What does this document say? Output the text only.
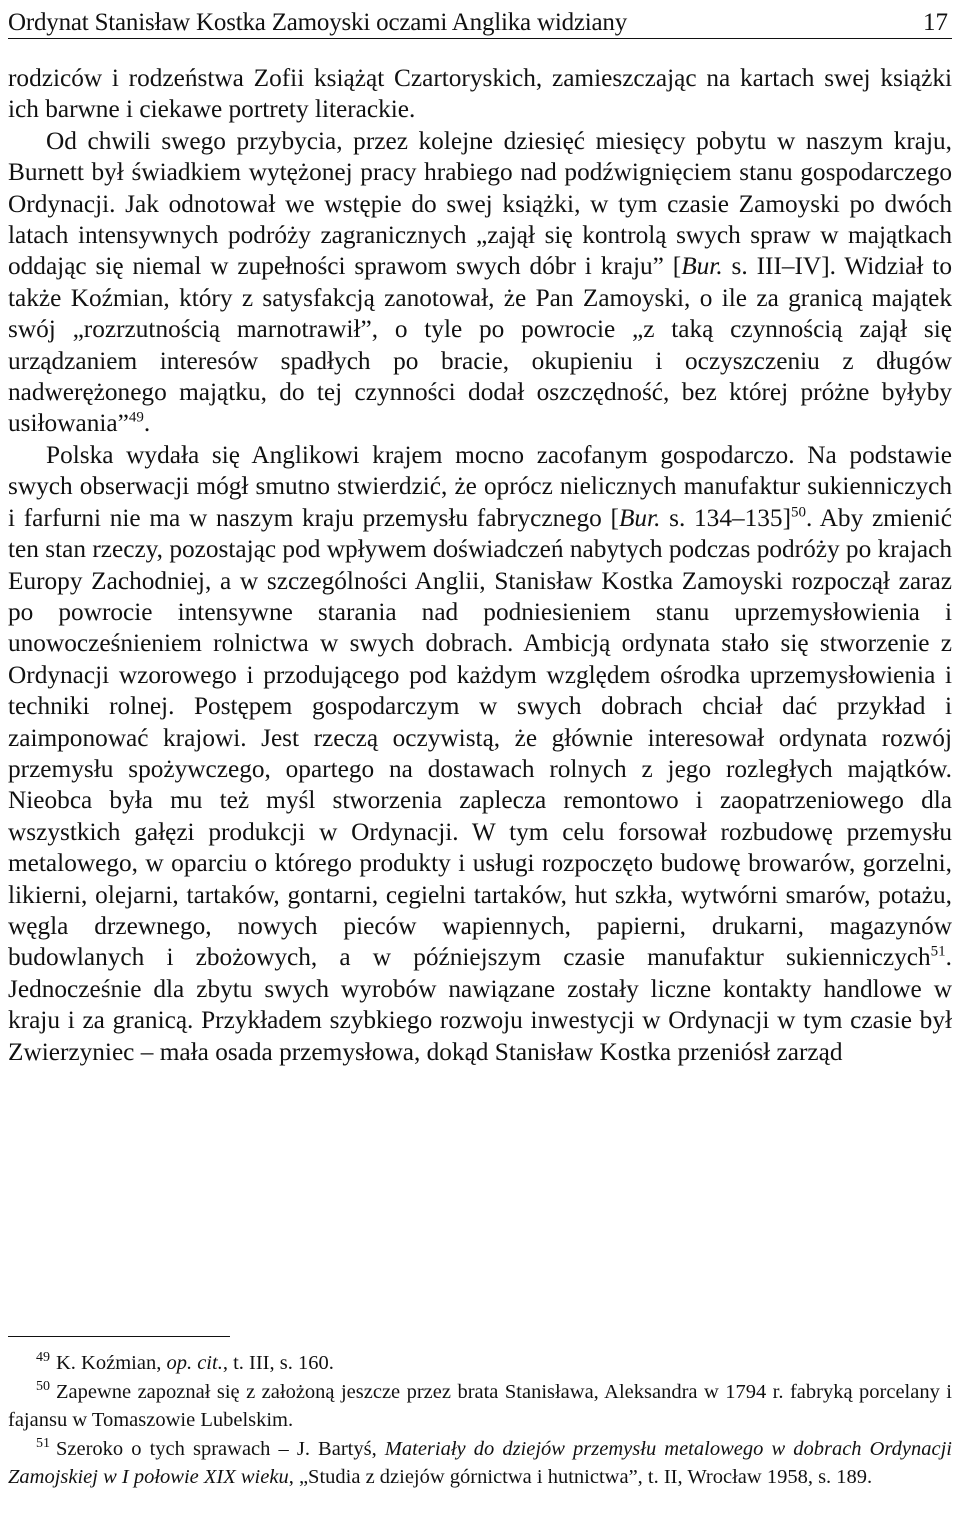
Ordynat Stanisław Kostka Zamoyski oczami Anglika widziany	17

rodziców i rodzeństwa Zofii książąt Czartoryskich, zamieszczając na kartach swej książki ich barwne i ciekawe portrety literackie.

Od chwili swego przybycia, przez kolejne dziesięć miesięcy pobytu w naszym kraju, Burnett był świadkiem wytężonej pracy hrabiego nad podźwignięciem stanu gospodarczego Ordynacji. Jak odnotował we wstępie do swej książki, w tym czasie Zamoyski po dwóch latach intensywnych podróży zagranicznych „zajął się kontrolą swych spraw w majątkach oddając się niemal w zupełności sprawom swych dóbr i kraju” [Bur. s. III–IV]. Widział to także Koźmian, który z satysfakcją zanotował, że Pan Zamoyski, o ile za granicą majątek swój „rozrzutnością marnotrawił”, o tyle po powrocie „z taką czynnością zajął się urządzaniem interesów spadłych po bracie, okupieniu i oczyszczeniu z długów nadwerężonego majątku, do tej czynności dodał oszczędność, bez której próżne byłyby usiłowania”$^{49}$.

Polska wydała się Anglikowi krajem mocno zacofanym gospodarczo. Na podstawie swych obserwacji mógł smutno stwierdzić, że oprócz nielicznych manufaktur sukienniczych i farfurni nie ma w naszym kraju przemysłu fabrycznego [Bur. s. 134–135]$^{50}$. Aby zmienić ten stan rzeczy, pozostając pod wpływem doświadczeń nabytych podczas podróży po krajach Europy Zachodniej, a w szczególności Anglii, Stanisław Kostka Zamoyski rozpoczął zaraz po powrocie intensywne starania nad podniesieniem stanu uprzemysłowienia i unowocześnieniem rolnictwa w swych dobrach. Ambicją ordynata stało się stworzenie z Ordynacji wzorowego i przodującego pod każdym względem ośrodka uprzemysłowienia i techniki rolnej. Postępem gospodarczym w swych dobrach chciał dać przykład i zaimponować krajowi. Jest rzeczą oczywistą, że głównie interesował ordynata rozwój przemysłu spożywczego, opartego na dostawach rolnych z jego rozległych majątków. Nieobca była mu też myśl stworzenia zaplecza remontowo i zaopatrzeniowego dla wszystkich gałęzi produkcji w Ordynacji. W tym celu forsował rozbudowę przemysłu metalowego, w oparciu o którego produkty i usługi rozpoczęto budowę browarów, gorzelni, likierni, olejarni, tartaków, gontarni, cegielni tartaków, hut szkła, wytwórni smarów, potażu, węgla drzewnego, nowych pieców wapiennych, papierni, drukarni, magazynów budowlanych i zbożowych, a w późniejszym czasie manufaktur sukienniczych$^{51}$. Jednocześnie dla zbytu swych wyrobów nawiązane zostały liczne kontakty handlowe w kraju i za granicą. Przykładem szybkiego rozwoju inwestycji w Ordynacji w tym czasie był Zwierzyniec – mała osada przemysłowa, dokąd Stanisław Kostka przeniósł zarząd

$^{49}$ K. Koźmian, op. cit., t. III, s. 160.

$^{50}$ Zapewne zapoznał się z założoną jeszcze przez brata Stanisława, Aleksandra w 1794 r. fabryką porcelany i fajansu w Tomaszowie Lubelskim.

$^{51}$ Szeroko o tych sprawach – J. Bartyś, Materiały do dziejów przemysłu metalowego w dobrach Ordynacji Zamojskiej w I połowie XIX wieku, „Studia z dziejów górnictwa i hutnictwa”, t. II, Wrocław 1958, s. 189.
